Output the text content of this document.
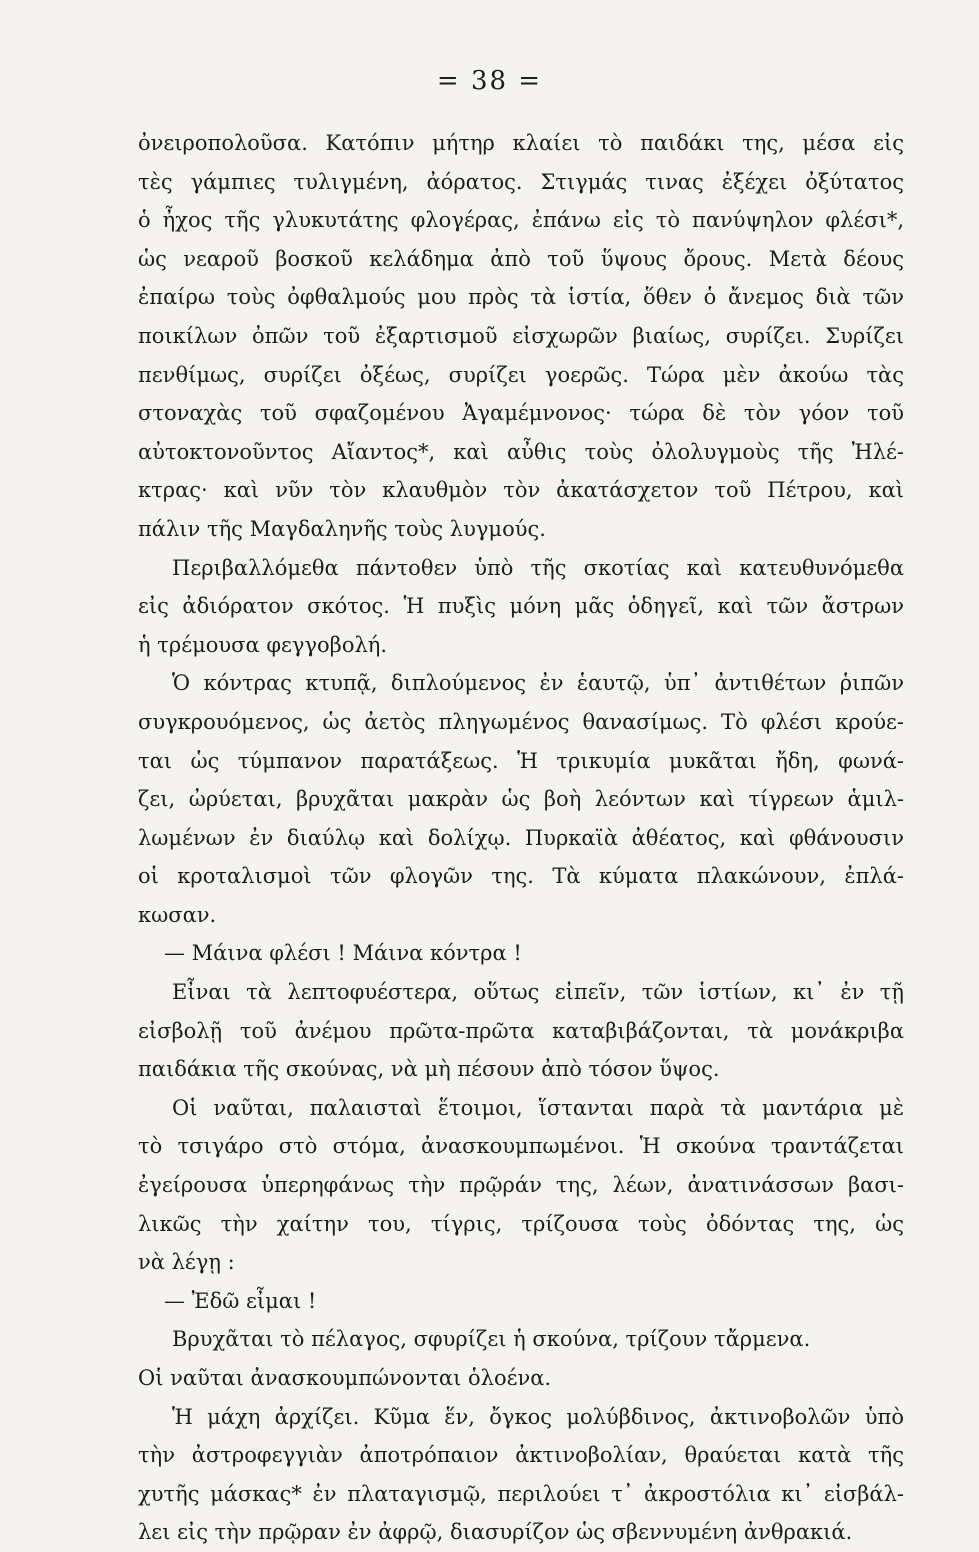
= 38 =
ὀνειροπολοῦσα. Κατόπιν μήτηρ κλαίει τὸ παιδάκι της, μέσα εἰς
τὲς γάμπιες τυλιγμένη, ἀόρατος. Στιγμάς τινας ἐξέχει ὀξύτατος
ὁ ἦχος τῆς γλυκυτάτης φλογέρας, ἐπάνω εἰς τὸ πανύψηλον φλέσι*,
ὡς νεαροῦ βοσκοῦ κελάδημα ἀπὸ τοῦ ὕψους ὄρους. Μετὰ δέους
ἐπαίρω τοὺς ὀφθαλμούς μου πρὸς τὰ ἱστία, ὅθεν ὁ ἄνεμος διὰ τῶν
ποικίλων ὀπῶν τοῦ ἐξαρτισμοῦ εἰσχωρῶν βιαίως, συρίζει. Συρίζει
πενθίμως, συρίζει ὀξέως, συρίζει γοερῶς. Τώρα μὲν ἀκούω τὰς
στοναχὰς τοῦ σφαζομένου Ἀγαμέμνονος· τώρα δὲ τὸν γόον τοῦ
αὐτοκτονοῦντος Αἴαντος*, καὶ αὖθις τοὺς ὀλολυγμοὺς τῆς Ἠλέ-
κτρας· καὶ νῦν τὸν κλαυθμὸν τὸν ἀκατάσχετον τοῦ Πέτρου, καὶ
πάλιν τῆς Μαγδαληνῆς τοὺς λυγμούς.
Περιβαλλόμεθα πάντοθεν ὑπὸ τῆς σκοτίας καὶ κατευθυνόμεθα
εἰς ἀδιόρατον σκότος. Ἡ πυξὶς μόνη μᾶς ὁδηγεῖ, καὶ τῶν ἄστρων
ἡ τρέμουσα φεγγοβολή.
Ὁ κόντρας κτυπᾷ, διπλούμενος ἐν ἑαυτῷ, ὑπ᾽ ἀντιθέτων ῥιπῶν
συγκρουόμενος, ὡς ἀετὸς πληγωμένος θανασίμως. Τὸ φλέσι κρούε-
ται ὡς τύμπανον παρατάξεως. Ἡ τρικυμία μυκᾶται ἤδη, φωνά-
ζει, ὠρύεται, βρυχᾶται μακρὰν ὡς βοὴ λεόντων καὶ τίγρεων ἁμιλ-
λωμένων ἐν διαύλῳ καὶ δολίχῳ. Πυρκαϊὰ ἀθέατος, καὶ φθάνουσιν
οἱ κροταλισμοὶ τῶν φλογῶν της. Τὰ κύματα πλακώνουν, ἐπλά-
κωσαν.
— Μάινα φλέσι ! Μάινα κόντρα !
Εἶναι τὰ λεπτοφυέστερα, οὕτως εἰπεῖν, τῶν ἱστίων, κι᾽ ἐν τῇ
εἰσβολῇ τοῦ ἀνέμου πρῶτα-πρῶτα καταβιβάζονται, τὰ μονάκριβα
παιδάκια τῆς σκούνας, νὰ μὴ πέσουν ἀπὸ τόσον ὕψος.
Οἱ ναῦται, παλαισταὶ ἕτοιμοι, ἵστανται παρὰ τὰ μαντάρια μὲ
τὸ τσιγάρο στὸ στόμα, ἀνασκουμπωμένοι. Ἡ σκούνα τραντάζεται
ἐγείρουσα ὑπερηφάνως τὴν πρῷράν της, λέων, ἀνατινάσσων βασι-
λικῶς τὴν χαίτην του, τίγρις, τρίζουσα τοὺς ὀδόντας της, ὡς
νὰ λέγῃ :
— Ἐδῶ εἶμαι !
Βρυχᾶται τὸ πέλαγος, σφυρίζει ἡ σκούνα, τρίζουν τἄρμενα.
Οἱ ναῦται ἀνασκουμπώνονται ὁλοένα.
Ἡ μάχη ἀρχίζει. Κῦμα ἕν, ὄγκος μολύβδινος, ἀκτινοβολῶν ὑπὸ
τὴν ἀστροφεγγιὰν ἀποτρόπαιον ἀκτινοβολίαν, θραύεται κατὰ τῆς
χυτῆς μάσκας* ἐν πλαταγισμῷ, περιλούει τ᾽ ἀκροστόλια κι᾽ εἰσβάλ-
λει εἰς τὴν πρῷραν ἐν ἀφρῷ, διασυρίζον ὡς σβεννυμένη ἀνθρακιά.
